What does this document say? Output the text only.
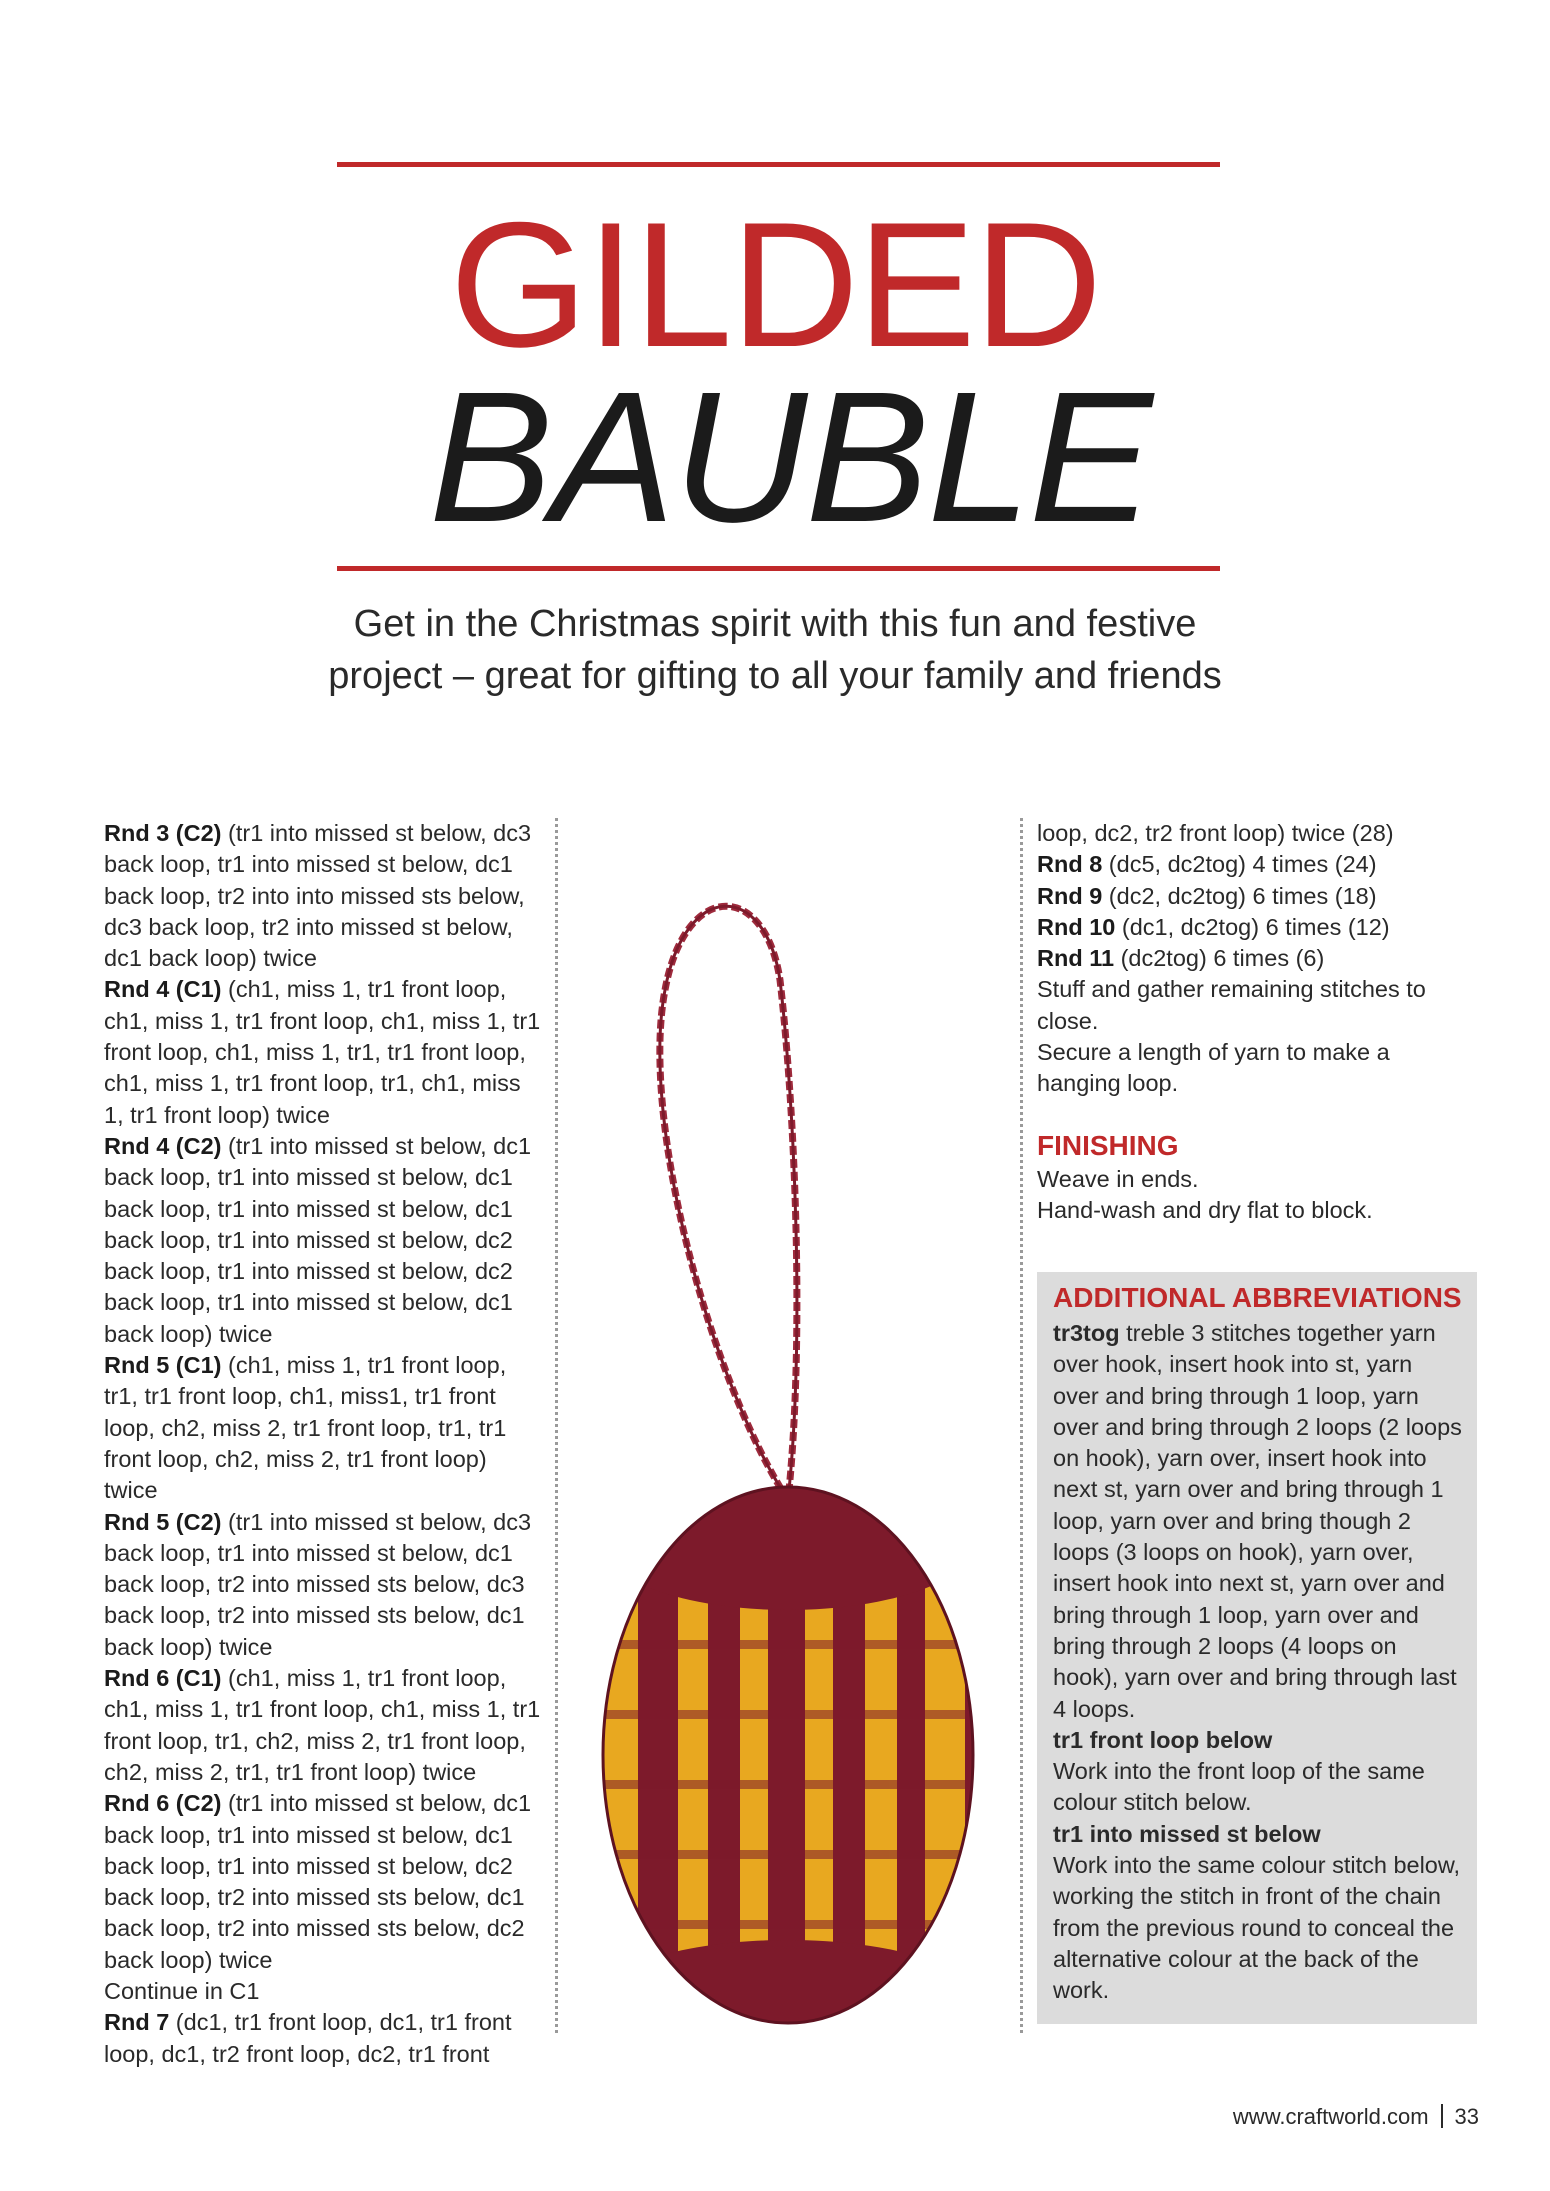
GILDED
BAUBLE
Get in the Christmas spirit with this fun and festive project – great for gifting to all your family and friends

Rnd 3 (C2) (tr1 into missed st below, dc3 back loop, tr1 into missed st below, dc1 back loop, tr2 into into missed sts below, dc3 back loop, tr2 into missed st below, dc1 back loop) twice

Rnd 4 (C1) (ch1, miss 1, tr1 front loop, ch1, miss 1, tr1 front loop, ch1, miss 1, tr1 front loop, ch1, miss 1, tr1, tr1 front loop, ch1, miss 1, tr1 front loop, tr1, ch1, miss 1, tr1 front loop) twice

Rnd 4 (C2) (tr1 into missed st below, dc1 back loop, tr1 into missed st below, dc1 back loop, tr1 into missed st below, dc1 back loop, tr1 into missed st below, dc2 back loop, tr1 into missed st below, dc2 back loop, tr1 into missed st below, dc1 back loop) twice

Rnd 5 (C1) (ch1, miss 1, tr1 front loop, tr1, tr1 front loop, ch1, miss1, tr1 front loop, ch2, miss 2, tr1 front loop, tr1, tr1 front loop, ch2, miss 2, tr1 front loop) twice

Rnd 5 (C2) (tr1 into missed st below, dc3 back loop, tr1 into missed st below, dc1 back loop, tr2 into missed sts below, dc3 back loop, tr2 into missed sts below, dc1 back loop) twice

Rnd 6 (C1) (ch1, miss 1, tr1 front loop, ch1, miss 1, tr1 front loop, ch1, miss 1, tr1 front loop, tr1, ch2, miss 2, tr1 front loop, ch2, miss 2, tr1, tr1 front loop) twice

Rnd 6 (C2) (tr1 into missed st below, dc1 back loop, tr1 into missed st below, dc1 back loop, tr1 into missed st below, dc2 back loop, tr2 into missed sts below, dc1 back loop, tr2 into missed sts below, dc2 back loop) twice

Continue in C1

Rnd 7 (dc1, tr1 front loop, dc1, tr1 front loop, dc1, tr2 front loop, dc2, tr1 front

loop, dc2, tr2 front loop) twice (28)

Rnd 8 (dc5, dc2tog) 4 times (24)

Rnd 9 (dc2, dc2tog) 6 times (18)

Rnd 10 (dc1, dc2tog) 6 times (12)

Rnd 11 (dc2tog) 6 times (6)

Stuff and gather remaining stitches to close.

Secure a length of yarn to make a hanging loop.

FINISHING

Weave in ends.

Hand-wash and dry flat to block.

ADDITIONAL ABBREVIATIONS

tr3tog treble 3 stitches together yarn over hook, insert hook into st, yarn over and bring through 1 loop, yarn over and bring through 2 loops (2 loops on hook), yarn over, insert hook into next st, yarn over and bring through 1 loop, yarn over and bring though 2 loops (3 loops on hook), yarn over, insert hook into next st, yarn over and bring through 1 loop, yarn over and bring through 2 loops (4 loops on hook), yarn over and bring through last 4 loops.

tr1 front loop below

Work into the front loop of the same colour stitch below.

tr1 into missed st below

Work into the same colour stitch below, working the stitch in front of the chain from the previous round to conceal the alternative colour at the back of the work.

www.craftworld.com 33
